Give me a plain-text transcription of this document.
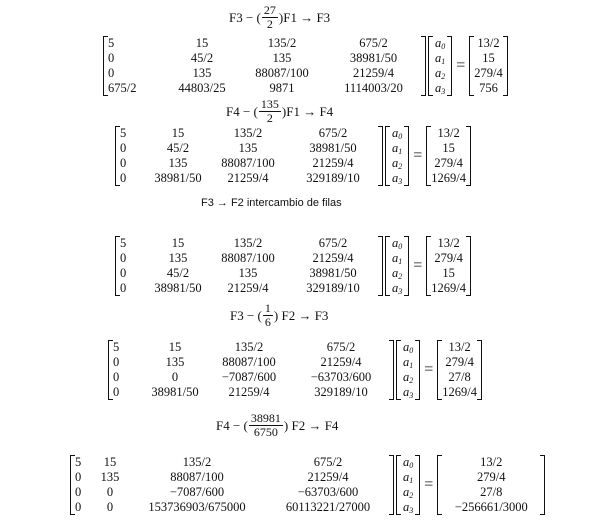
F3 − ( $\frac{27}{2} )F1 \to F3$
5	15	135/2	675/2
0	45/2	135	38981/50
0	135	88087/100	21259/4
675/2	44803/25	9871	1114003/20
$a_0$
$a_1$
$a_2$
$a_3$
=
13/2
15
279/4
756
F4 − ( $\frac{135}{2} )F1 \to F4$
5	15	135/2	675/2
0	45/2	135	38981/50
0	135	88087/100	21259/4
0	38981/50	21259/4	329189/10
$a_0$
$a_1$
$a_2$
$a_3$
=
13/2
15
279/4
1269/4
F3 → F2 intercambio de filas
5	15	135/2	675/2
0	135	88087/100	21259/4
0	45/2	135	38981/50
0	38981/50	21259/4	329189/10
$a_0$
$a_1$
$a_2$
$a_3$
=
13/2
279/4
15
1269/4
F3 − ( $\frac{1}{6}$ ) F2 → F3
5	15	135/2	675/2
0	135	88087/100	21259/4
0	0	−7087/600	−63703/600
0	38981/50	21259/4	329189/10
$a_0$
$a_1$
$a_2$
$a_3$
=
13/2
279/4
27/8
1269/4
F4 − ( $\frac{38981}{6750}$ ) F2 → F4
5	15	135/2	675/2
0	135	88087/100	21259/4
0	0	−7087/600	−63703/600
0	0	153736903/675000	60113221/27000
$a_0$
$a_1$
$a_2$
$a_3$
=
13/2
279/4
27/8
−256661/3000
